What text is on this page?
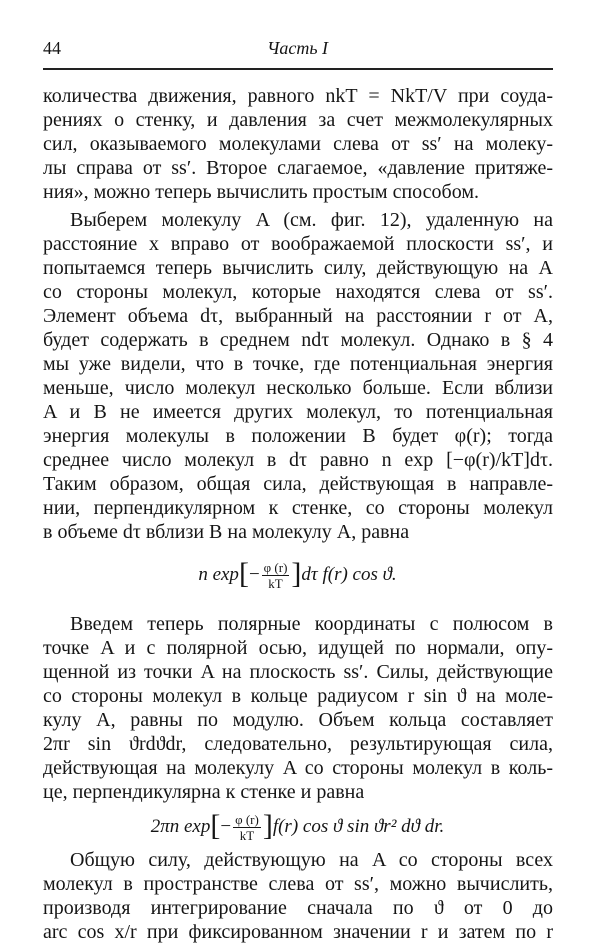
44	Часть I
количества движения, равного nkT = NkT/V при соуда-
рениях о стенку, и давления за счет межмолекулярных
сил, оказываемого молекулами слева от ss′ на молеку-
лы справа от ss′. Второе слагаемое, «давление притяже-
ния», можно теперь вычислить простым способом.
Выберем молекулу A (см. фиг. 12), удаленную на
расстояние x вправо от воображаемой плоскости ss′, и
попытаемся теперь вычислить силу, действующую на A
со стороны молекул, которые находятся слева от ss′.
Элемент объема dτ, выбранный на расстоянии r от A,
будет содержать в среднем ndτ молекул. Однако в § 4
мы уже видели, что в точке, где потенциальная энергия
меньше, число молекул несколько больше. Если вблизи
A и B не имеется других молекул, то потенциальная
энергия молекулы в положении B будет φ(r); тогда
среднее число молекул в dτ равно n exp [−φ(r)/kT]dτ.
Таким образом, общая сила, действующая в направле-
нии, перпендикулярном к стенке, со стороны молекул
в объеме dτ вблизи B на молекулу A, равна
n $\exp[- \frac{\varphi (r)}{kT} ]d\tau$ f(r) cos ϑ.
Введем теперь полярные координаты с полюсом в
точке A и с полярной осью, идущей по нормали, опу-
щенной из точки A на плоскость ss′. Силы, действующие
со стороны молекул в кольце радиусом r sin ϑ на моле-
кулу A, равны по модулю. Объем кольца составляет
2πr sin ϑrdϑdr, следовательно, результирующая сила,
действующая на молекулу A со стороны молекул в коль-
це, перпендикулярна к стенке и равна
2πn $\exp[- \frac{\varphi (r)}{kT} ]f(r)$ cos ϑ sin ϑr² dϑ dr.
Общую силу, действующую на A со стороны всех
молекул в пространстве слева от ss′, можно вычислить,
производя интегрирование сначала по ϑ от 0 до
arc cos x/r при фиксированном значении r и затем по r
